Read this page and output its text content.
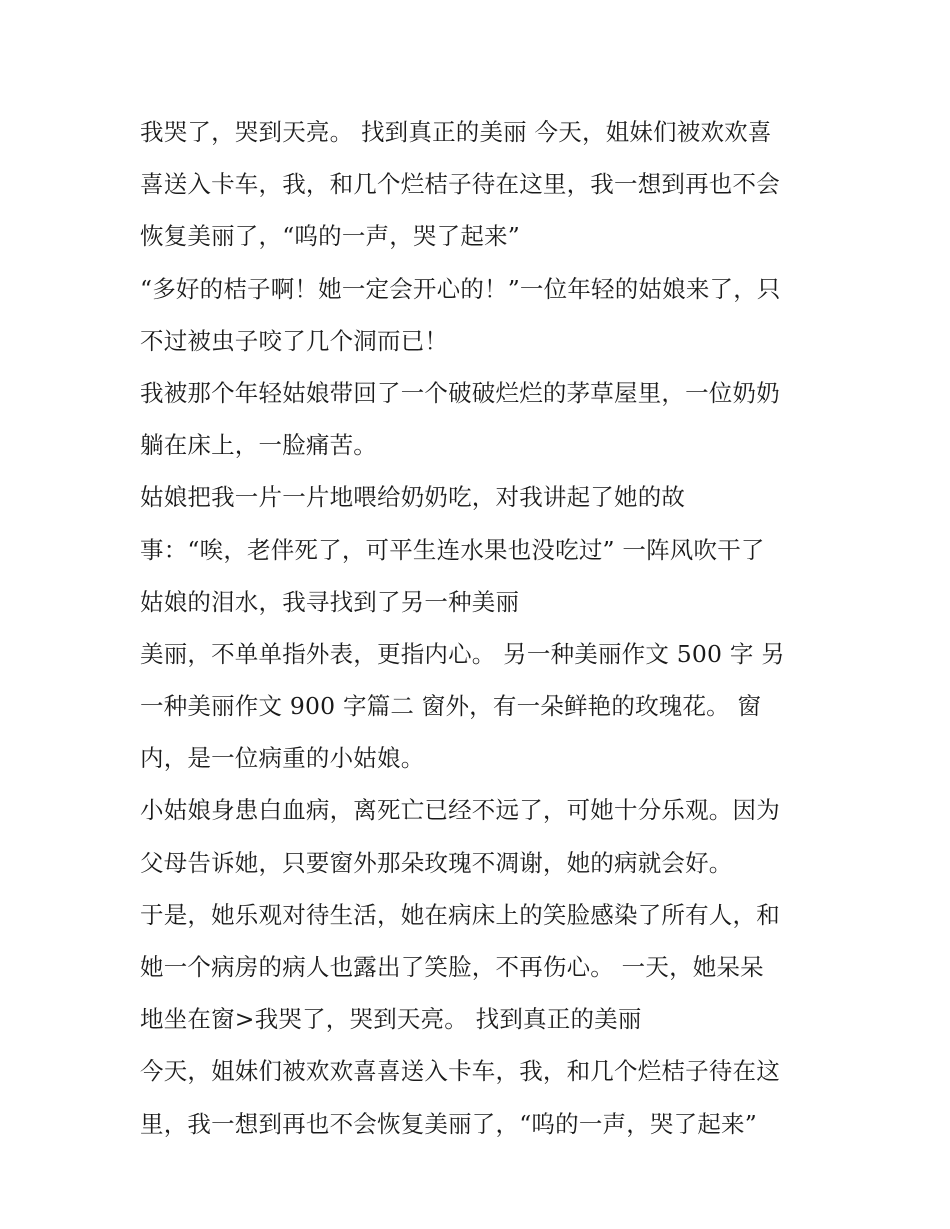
我哭了，哭到天亮。 找到真正的美丽 今天，姐妹们被欢欢喜
喜送入卡车，我，和几个烂桔子待在这里，我一想到再也不会
恢复美丽了，“呜的一声，哭了起来”
“多好的桔子啊！她一定会开心的！”一位年轻的姑娘来了，只
不过被虫子咬了几个洞而已！
我被那个年轻姑娘带回了一个破破烂烂的茅草屋里，一位奶奶
躺在床上，一脸痛苦。
姑娘把我一片一片地喂给奶奶吃，对我讲起了她的故
事：“唉，老伴死了，可平生连水果也没吃过” 一阵风吹干了
姑娘的泪水，我寻找到了另一种美丽
美丽，不单单指外表，更指内心。 另一种美丽作文 500 字 另
一种美丽作文 900 字篇二 窗外，有一朵鲜艳的玫瑰花。 窗
内，是一位病重的小姑娘。
小姑娘身患白血病，离死亡已经不远了，可她十分乐观。因为
父母告诉她，只要窗外那朵玫瑰不凋谢，她的病就会好。
于是，她乐观对待生活，她在病床上的笑脸感染了所有人，和
她一个病房的病人也露出了笑脸，不再伤心。 一天，她呆呆
地坐在窗>我哭了，哭到天亮。 找到真正的美丽
今天，姐妹们被欢欢喜喜送入卡车，我，和几个烂桔子待在这
里，我一想到再也不会恢复美丽了，“呜的一声，哭了起来”
